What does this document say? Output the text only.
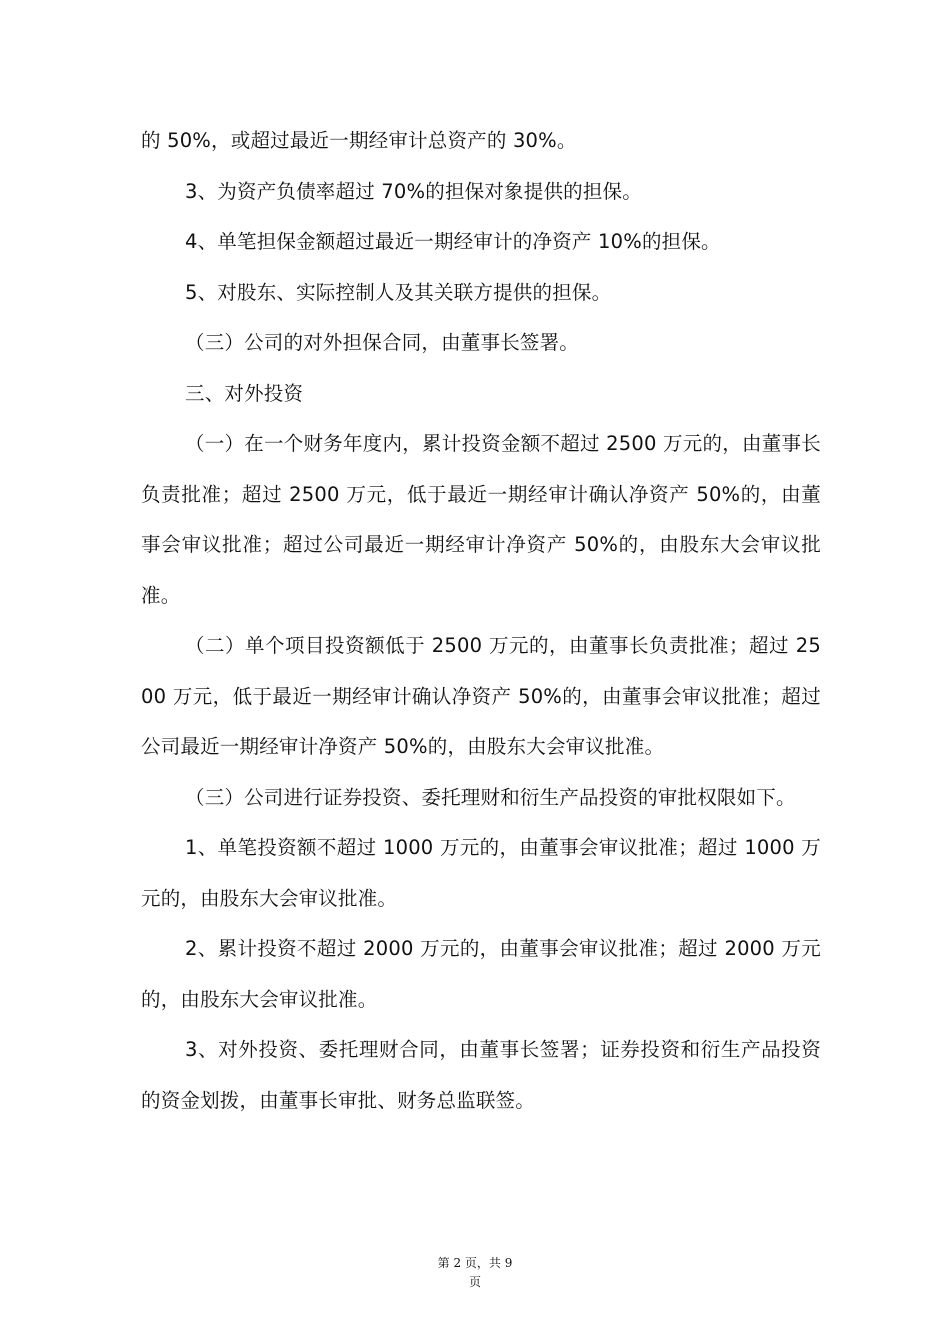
的 50%，或超过最近一期经审计总资产的 30%。

3、为资产负债率超过 70%的担保对象提供的担保。

4、单笔担保金额超过最近一期经审计的净资产 10%的担保。

5、对股东、实际控制人及其关联方提供的担保。

（三）公司的对外担保合同，由董事长签署。

三、对外投资

（一）在一个财务年度内，累计投资金额不超过 2500 万元的，由董事长负责批准；超过 2500 万元，低于最近一期经审计确认净资产 50%的，由董事会审议批准；超过公司最近一期经审计净资产 50%的，由股东大会审议批准。

（二）单个项目投资额低于 2500 万元的，由董事长负责批准；超过 2500 万元，低于最近一期经审计确认净资产 50%的，由董事会审议批准；超过公司最近一期经审计净资产 50%的，由股东大会审议批准。

（三）公司进行证券投资、委托理财和衍生产品投资的审批权限如下。

1、单笔投资额不超过 1000 万元的，由董事会审议批准；超过 1000 万元的，由股东大会审议批准。

2、累计投资不超过 2000 万元的，由董事会审议批准；超过 2000 万元的，由股东大会审议批准。

3、对外投资、委托理财合同，由董事长签署；证券投资和衍生产品投资的资金划拨，由董事长审批、财务总监联签。

第 2 页，共 9
页
